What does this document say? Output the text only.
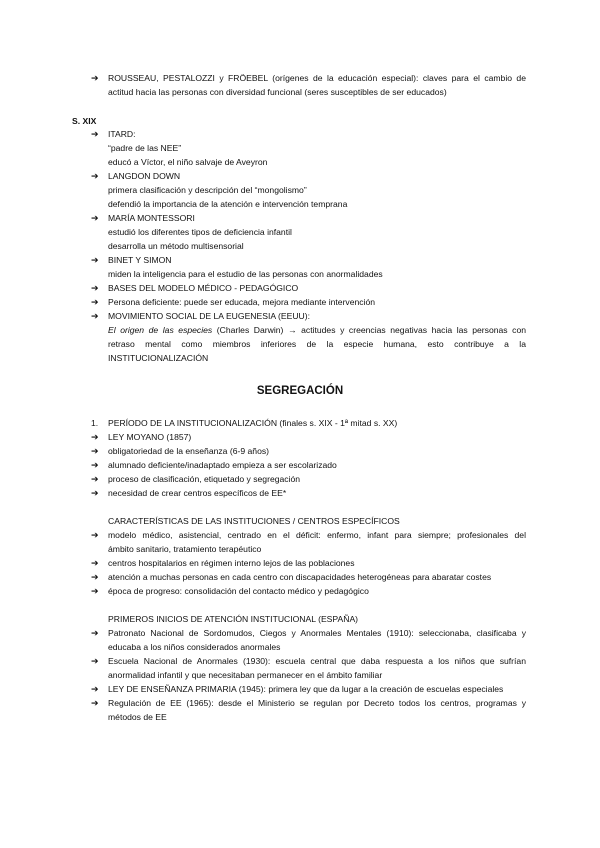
➔ ROUSSEAU, PESTALOZZI y FRÖEBEL (orígenes de la educación especial): claves para el cambio de
actitud hacia las personas con diversidad funcional (seres susceptibles de ser educados)
S. XIX
➔ ITARD:
“padre de las NEE”
educó a Víctor, el niño salvaje de Aveyron
➔ LANGDON DOWN
primera clasificación y descripción del “mongolismo”
defendió la importancia de la atención e intervención temprana
➔ MARÍA MONTESSORI
estudió los diferentes tipos de deficiencia infantil
desarrolla un método multisensorial
➔ BINET Y SIMON
miden la inteligencia para el estudio de las personas con anormalidades
➔ BASES DEL MODELO MÉDICO - PEDAGÓGICO
➔ Persona deficiente: puede ser educada, mejora mediante intervención
➔ MOVIMIENTO SOCIAL DE LA EUGENESIA (EEUU):
El origen de las especies (Charles Darwin) → actitudes y creencias negativas hacia las personas con
retraso mental como miembros inferiores de la especie humana, esto contribuye a la
INSTITUCIONALIZACIÓN
SEGREGACIÓN
1. PERÍODO DE LA INSTITUCIONALIZACIÓN (finales s. XIX - 1ª mitad s. XX)
➔ LEY MOYANO (1857)
➔ obligatoriedad de la enseñanza (6-9 años)
➔ alumnado deficiente/inadaptado empieza a ser escolarizado
➔ proceso de clasificación, etiquetado y segregación
➔ necesidad de crear centros específicos de EE*
CARACTERÍSTICAS DE LAS INSTITUCIONES / CENTROS ESPECÍFICOS
➔ modelo médico, asistencial, centrado en el déficit: enfermo, infant para siempre; profesionales del
ámbito sanitario, tratamiento terapéutico
➔ centros hospitalarios en régimen interno lejos de las poblaciones
➔ atención a muchas personas en cada centro con discapacidades heterogéneas para abaratar costes
➔ época de progreso: consolidación del contacto médico y pedagógico
PRIMEROS INICIOS DE ATENCIÓN INSTITUCIONAL (ESPAÑA)
➔ Patronato Nacional de Sordomudos, Ciegos y Anormales Mentales (1910): seleccionaba, clasificaba y
educaba a los niños considerados anormales
➔ Escuela Nacional de Anormales (1930): escuela central que daba respuesta a los niños que sufrían
anormalidad infantil y que necesitaban permanecer en el ámbito familiar
➔ LEY DE ENSEÑANZA PRIMARIA (1945): primera ley que da lugar a la creación de escuelas especiales
➔ Regulación de EE (1965): desde el Ministerio se regulan por Decreto todos los centros, programas y
métodos de EE
